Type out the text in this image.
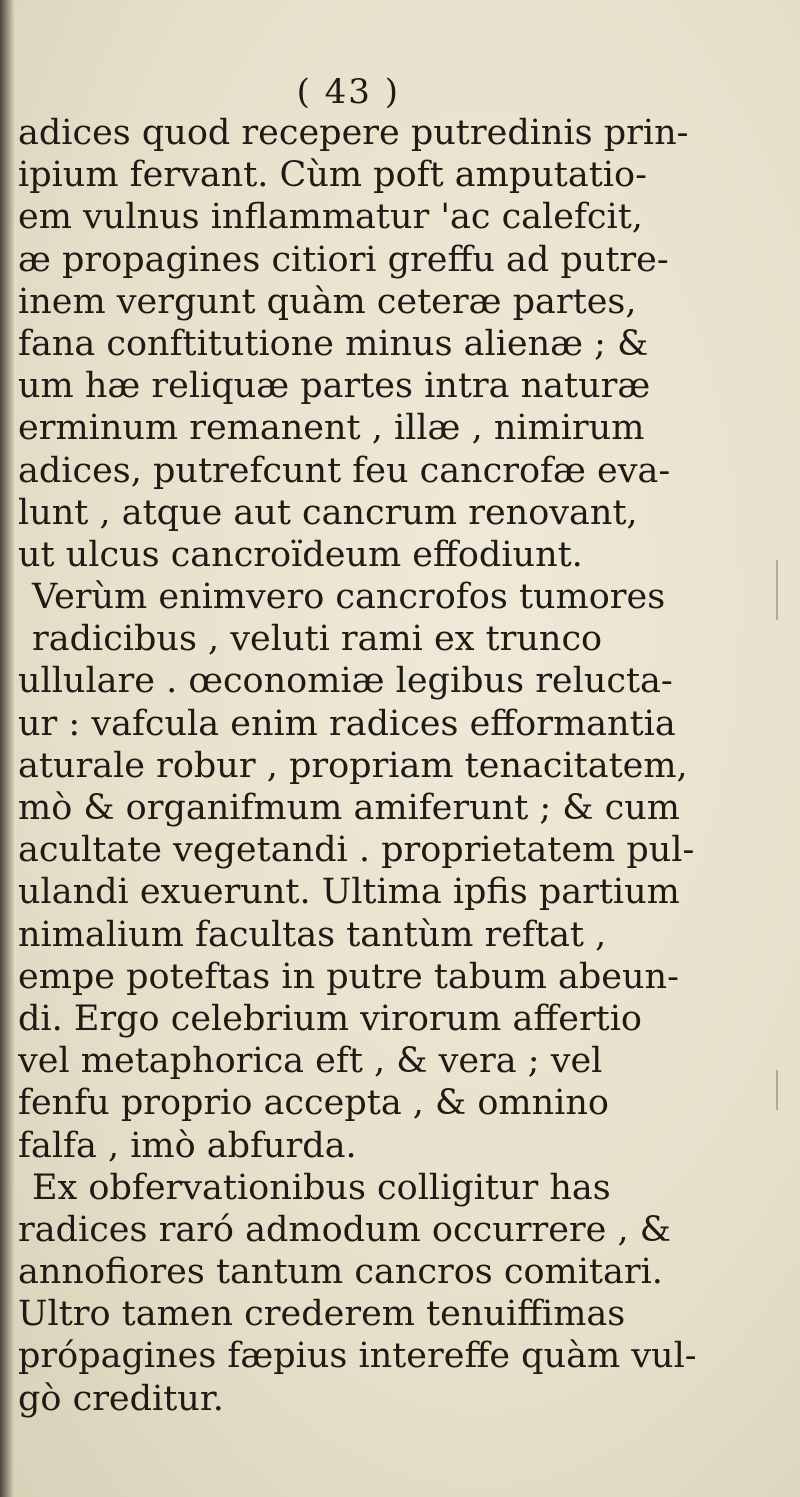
( 43 )
adices quod recepere putredinis prin-
ipium fervant. Cùm poft amputatio-
em vulnus inflammatur 'ac calefcit,
æ propagines citiori greffu ad putre-
inem vergunt quàm ceteræ partes,
fana conftitutione minus alienæ ; &
um hæ reliquæ partes intra naturæ
erminum remanent , illæ , nimirum
adices, putrefcunt feu cancrofæ eva-
lunt , atque aut cancrum renovant,
ut ulcus cancroïdeum effodiunt.
Verùm enimvero cancrofos tumores
radicibus , veluti rami ex trunco
ullulare . œconomiæ legibus relucta-
ur : vafcula enim radices efformantia
aturale robur , propriam tenacitatem,
mò & organifmum amiferunt ; & cum
acultate vegetandi . proprietatem pul-
ulandi exuerunt. Ultima ipfis partium
nimalium facultas tantùm reftat ,
empe poteftas in putre tabum abeun-
di. Ergo celebrium virorum affertio
vel metaphorica eft , & vera ; vel
fenfu proprio accepta , & omnino
falfa , imò abfurda.
Ex obfervationibus colligitur has
radices raró admodum occurrere , &
annofiores tantum cancros comitari.
Ultro tamen crederem tenuiffimas
própagines fæpius intereffe quàm vul-
gò creditur.
